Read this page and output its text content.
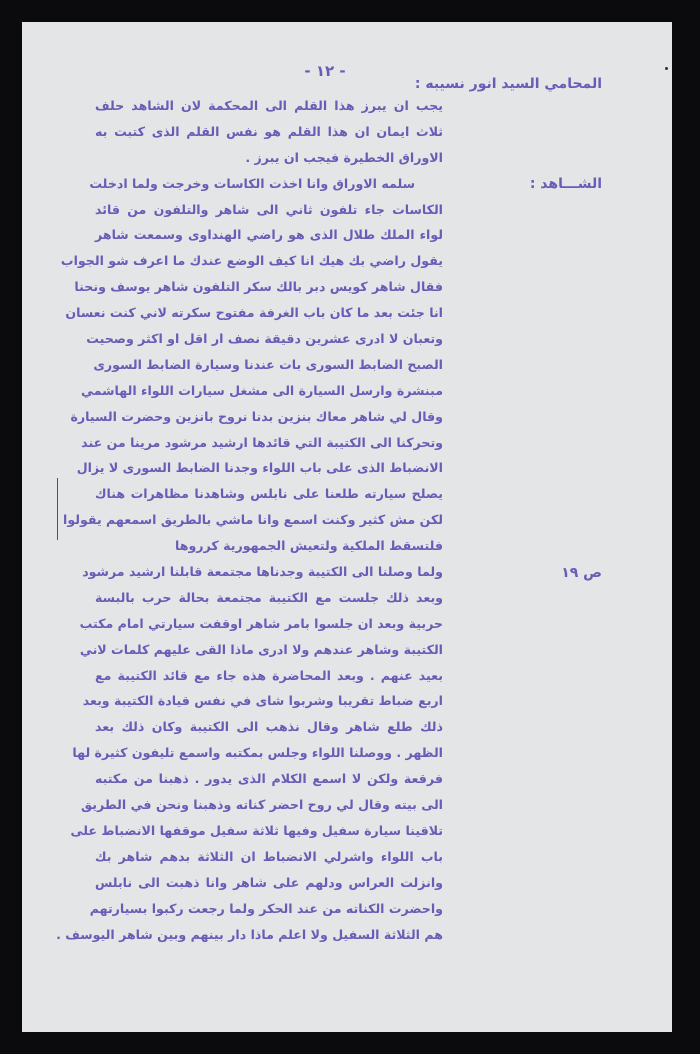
- ١٢ -
المحامي السيد انور نسيبه :
الشـــاهد :
ص ١٩
يجب ان يبرز هذا القلم الى المحكمة لان الشاهد حلف
ثلاث ايمان ان هذا القلم هو نفس القلم الذى كتبت به
الاوراق الخطيرة فيجب ان يبرز .
سلمه الاوراق وانا اخذت الكاسات وخرجت ولما ادخلت
الكاسات جاء تلفون ثاني الى شاهر والتلفون من قائد
لواء الملك طلال الذى هو راضي الهنداوى وسمعت شاهر
يقول راضي بك هيك انا كيف الوضع عندك ما اعرف شو الجواب
فقال شاهر كويس دبر بالك سكر التلفون شاهر يوسف ونحنا
انا جئت بعد ما كان باب الغرفة مفتوح سكرته لاني كنت نعسان
وتعبان لا ادرى عشرين دقيقة نصف ار اقل او اكثر وصحيت
الصبح الضابط السورى بات عندنا وسيارة الضابط السورى
مبنشرة وارسل السيارة الى مشغل سيارات اللواء الهاشمي
وقال لي شاهر معاك بنزين بدنا نروح بانزين وحضرت السيارة
وتحركنا الى الكتيبة التي قائدها ارشيد مرشود مرينا من عند
الانضباط الذى على باب اللواء وجدنا الضابط السورى لا يزال
يصلح سيارته طلعنا على نابلس وشاهدنا مظاهرات هناك
لكن مش كثير وكنت اسمع وانا ماشي بالطريق اسمعهم يقولوا
فلتسقط الملكية ولتعيش الجمهورية كرروها
ولما وصلنا الى الكتيبة وجدناها مجتمعة قابلنا ارشيد مرشود
وبعد ذلك جلست مع الكتيبة مجتمعة بحالة حرب بالبسة
حربية وبعد ان جلسوا بامر شاهر اوقفت سيارتي امام مكتب
الكتيبة وشاهر عندهم ولا ادرى ماذا القى عليهم كلمات لاني
بعيد عنهم . وبعد المحاضرة هذه جاء مع قائد الكتيبة مع
اربع ضباط تقريبا وشربوا شاى في نفس قيادة الكتيبة وبعد
ذلك طلع شاهر وقال نذهب الى الكتيبة وكان ذلك بعد
الظهر . ووصلنا اللواء وجلس بمكتبه واسمع تليفون كثيرة لها
فرقعة ولكن لا اسمع الكلام الذى يدور . ذهبنا من مكتبه
الى بيته وقال لي روح احضر كناته وذهبنا ونحن في الطريق
تلاقينا سيارة سفيل وفيها ثلاثة سفيل موقفها الانضباط على
باب اللواء واشرلي الانضباط ان الثلاثة بدهم شاهر بك
وانزلت العراس ودلهم على شاهر وانا ذهبت الى نابلس
واحضرت الكناته من عند الحكر ولما رجعت ركبوا بسيارتهم
هم الثلاثة السفيل ولا اعلم ماذا دار بينهم وبين شاهر اليوسف .
